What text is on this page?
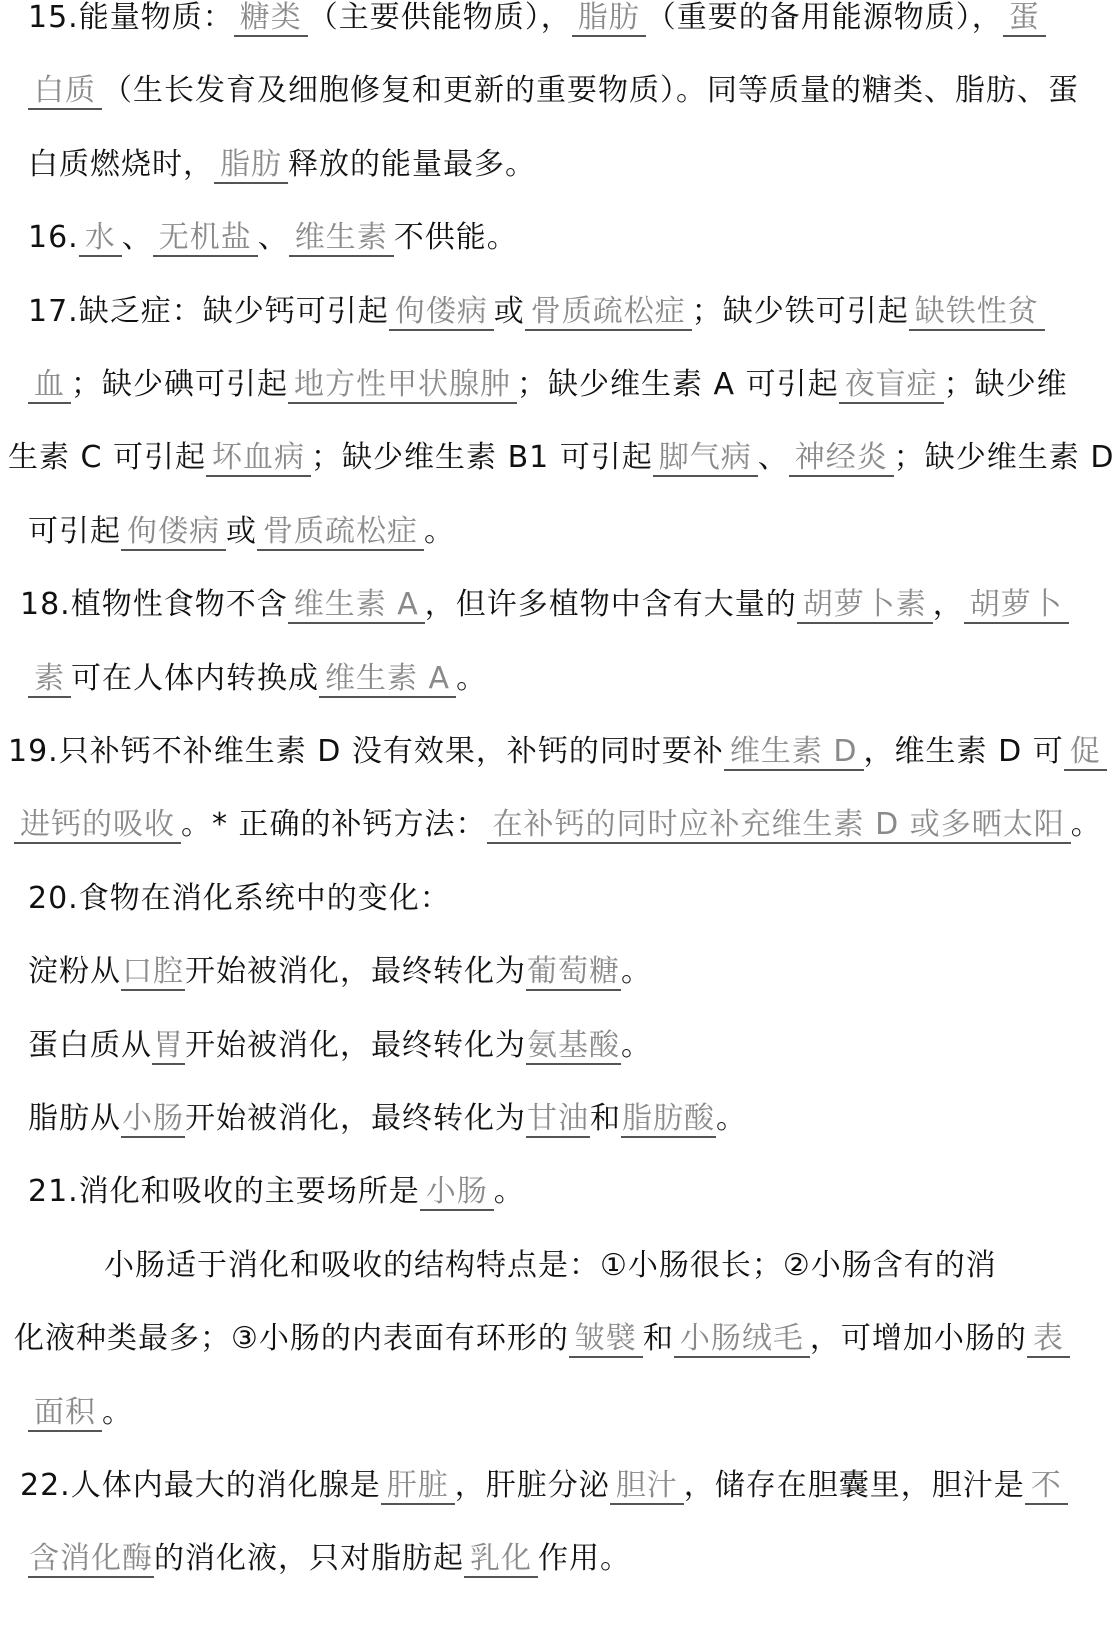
15.能量物质： 糖类 （主要供能物质）， 脂肪 （重要的备用能源物质）， 蛋
白质 （生长发育及细胞修复和更新的重要物质）。同等质量的糖类、脂肪、蛋
白质燃烧时， 脂肪 释放的能量最多。
16. 水 、 无机盐 、 维生素 不供能。
17.缺乏症：缺少钙可引起 佝偻病 或 骨质疏松症 ；缺少铁可引起 缺铁性贫
血 ；缺少碘可引起 地方性甲状腺肿 ；缺少维生素 A 可引起 夜盲症 ；缺少维
生素 C 可引起 坏血病 ；缺少维生素 B1 可引起 脚气病 、 神经炎 ；缺少维生素 D
可引起 佝偻病 或 骨质疏松症 。
18.植物性食物不含 维生素 A ，但许多植物中含有大量的 胡萝卜素 ， 胡萝卜
素 可在人体内转换成 维生素 A 。
19.只补钙不补维生素 D 没有效果，补钙的同时要补 维生素 D ，维生素 D 可 促
进钙的吸收 。* 正确的补钙方法： 在补钙的同时应补充维生素 D 或多晒太阳 。
20.食物在消化系统中的变化：
淀粉从口腔开始被消化，最终转化为葡萄糖。
蛋白质从胃开始被消化，最终转化为氨基酸。
脂肪从小肠开始被消化，最终转化为甘油和脂肪酸。
21.消化和吸收的主要场所是 小肠 。
小肠适于消化和吸收的结构特点是：①小肠很长；②小肠含有的消
化液种类最多；③小肠的内表面有环形的 皱襞 和 小肠绒毛 ，可增加小肠的 表
面积 。
22.人体内最大的消化腺是 肝脏 ，肝脏分泌 胆汁 ，储存在胆囊里，胆汁是 不
含消化酶的消化液，只对脂肪起 乳化 作用。
